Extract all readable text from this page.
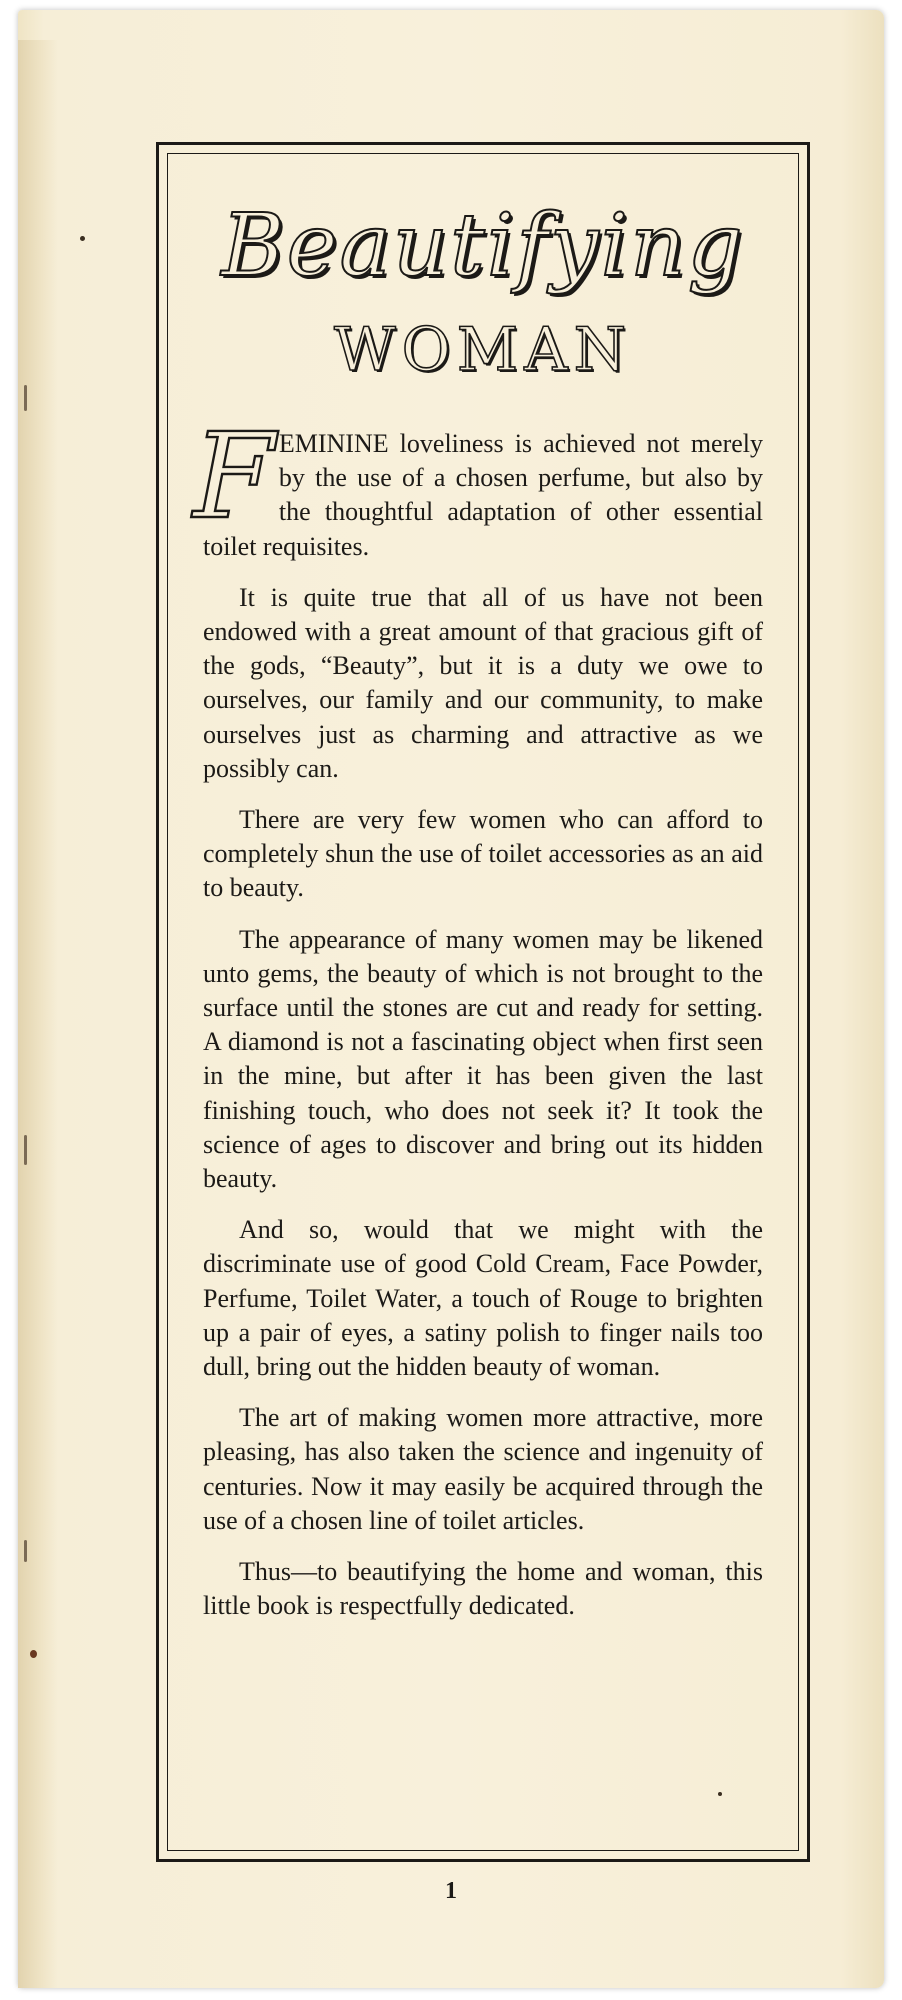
Beautifying
WOMAN

FEMININE loveliness is achieved not merely by the use of a chosen perfume, but also by the thoughtful adaptation of other essential toilet requisites.

It is quite true that all of us have not been endowed with a great amount of that gracious gift of the gods, “Beauty”, but it is a duty we owe to ourselves, our family and our community, to make ourselves just as charming and attractive as we possibly can.

There are very few women who can afford to completely shun the use of toilet accessories as an aid to beauty.

The appearance of many women may be likened unto gems, the beauty of which is not brought to the surface until the stones are cut and ready for setting. A diamond is not a fascinating object when first seen in the mine, but after it has been given the last finishing touch, who does not seek it? It took the science of ages to discover and bring out its hidden beauty.

And so, would that we might with the discriminate use of good Cold Cream, Face Powder, Perfume, Toilet Water, a touch of Rouge to brighten up a pair of eyes, a satiny polish to finger nails too dull, bring out the hidden beauty of woman.

The art of making women more attractive, more pleasing, has also taken the science and ingenuity of centuries. Now it may easily be acquired through the use of a chosen line of toilet articles.

Thus—to beautifying the home and woman, this little book is respectfully dedicated.

1
